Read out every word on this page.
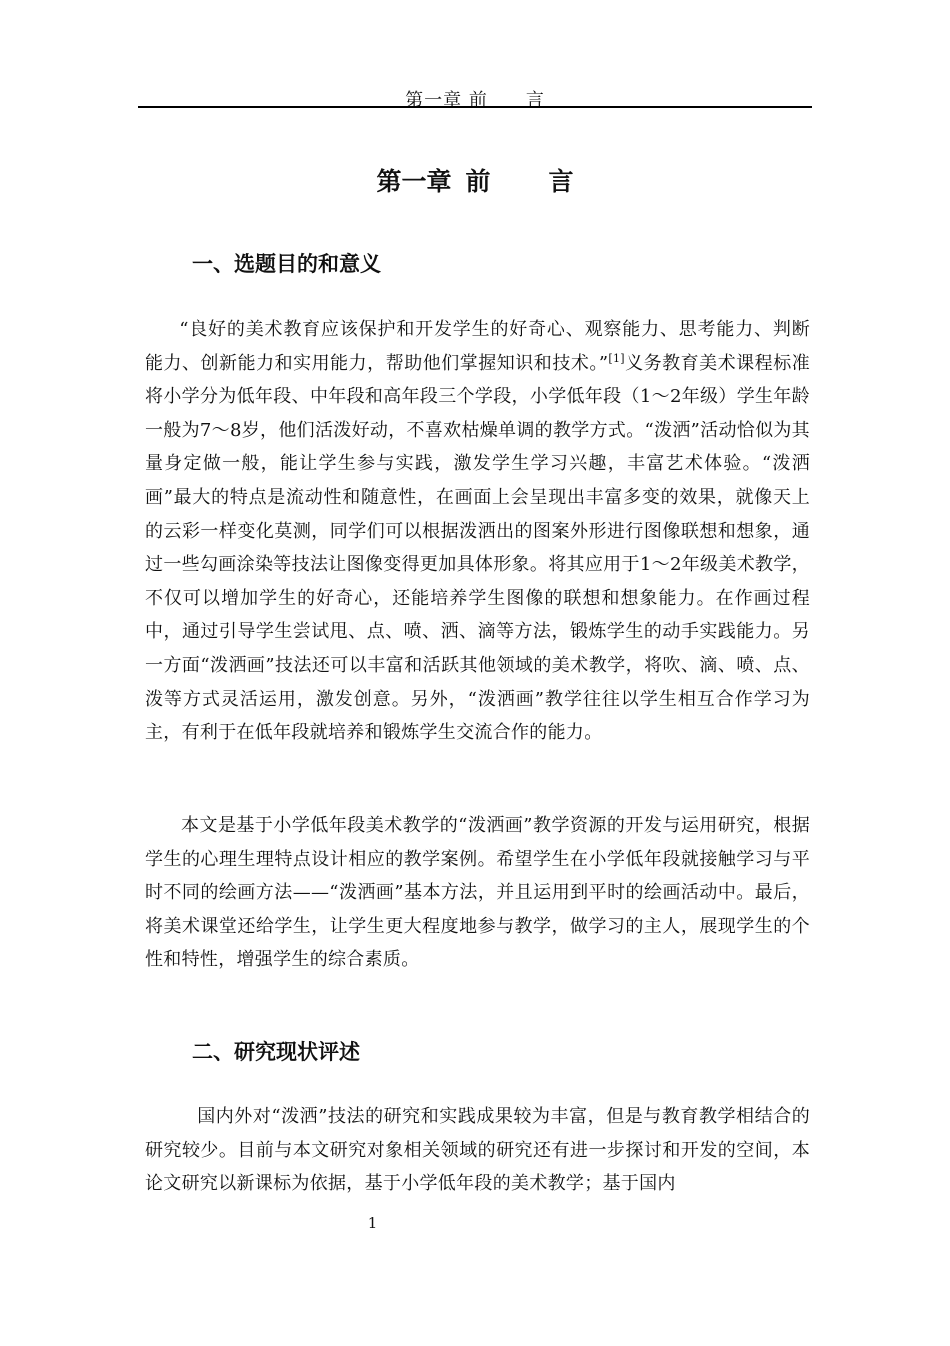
第一章 前　　言
第一章 前 言
一、选题目的和意义

“良好的美术教育应该保护和开发学生的好奇心、观察能力、思考能力、判断能力、创新能力和实用能力，帮助他们掌握知识和技术。”[1]义务教育美术课程标准将小学分为低年段、中年段和高年段三个学段，小学低年段（1～2年级）学生年龄一般为7～8岁，他们活泼好动，不喜欢枯燥单调的教学方式。“泼洒”活动恰似为其量身定做一般，能让学生参与实践，激发学生学习兴趣，丰富艺术体验。“泼洒画”最大的特点是流动性和随意性，在画面上会呈现出丰富多变的效果，就像天上的云彩一样变化莫测，同学们可以根据泼洒出的图案外形进行图像联想和想象，通过一些勾画涂染等技法让图像变得更加具体形象。将其应用于1～2年级美术教学，不仅可以增加学生的好奇心，还能培养学生图像的联想和想象能力。在作画过程中，通过引导学生尝试甩、点、喷、洒、滴等方法，锻炼学生的动手实践能力。另一方面“泼洒画”技法还可以丰富和活跃其他领域的美术教学，将吹、滴、喷、点、泼等方式灵活运用，激发创意。另外，“泼洒画”教学往往以学生相互合作学习为主，有利于在低年段就培养和锻炼学生交流合作的能力。

本文是基于小学低年段美术教学的“泼洒画”教学资源的开发与运用研究，根据学生的心理生理特点设计相应的教学案例。希望学生在小学低年段就接触学习与平时不同的绘画方法——“泼洒画”基本方法，并且运用到平时的绘画活动中。最后，将美术课堂还给学生，让学生更大程度地参与教学，做学习的主人，展现学生的个性和特性，增强学生的综合素质。

二、研究现状评述

国内外对“泼洒”技法的研究和实践成果较为丰富，但是与教育教学相结合的研究较少。目前与本文研究对象相关领域的研究还有进一步探讨和开发的空间，本论文研究以新课标为依据，基于小学低年段的美术教学；基于国内

1
